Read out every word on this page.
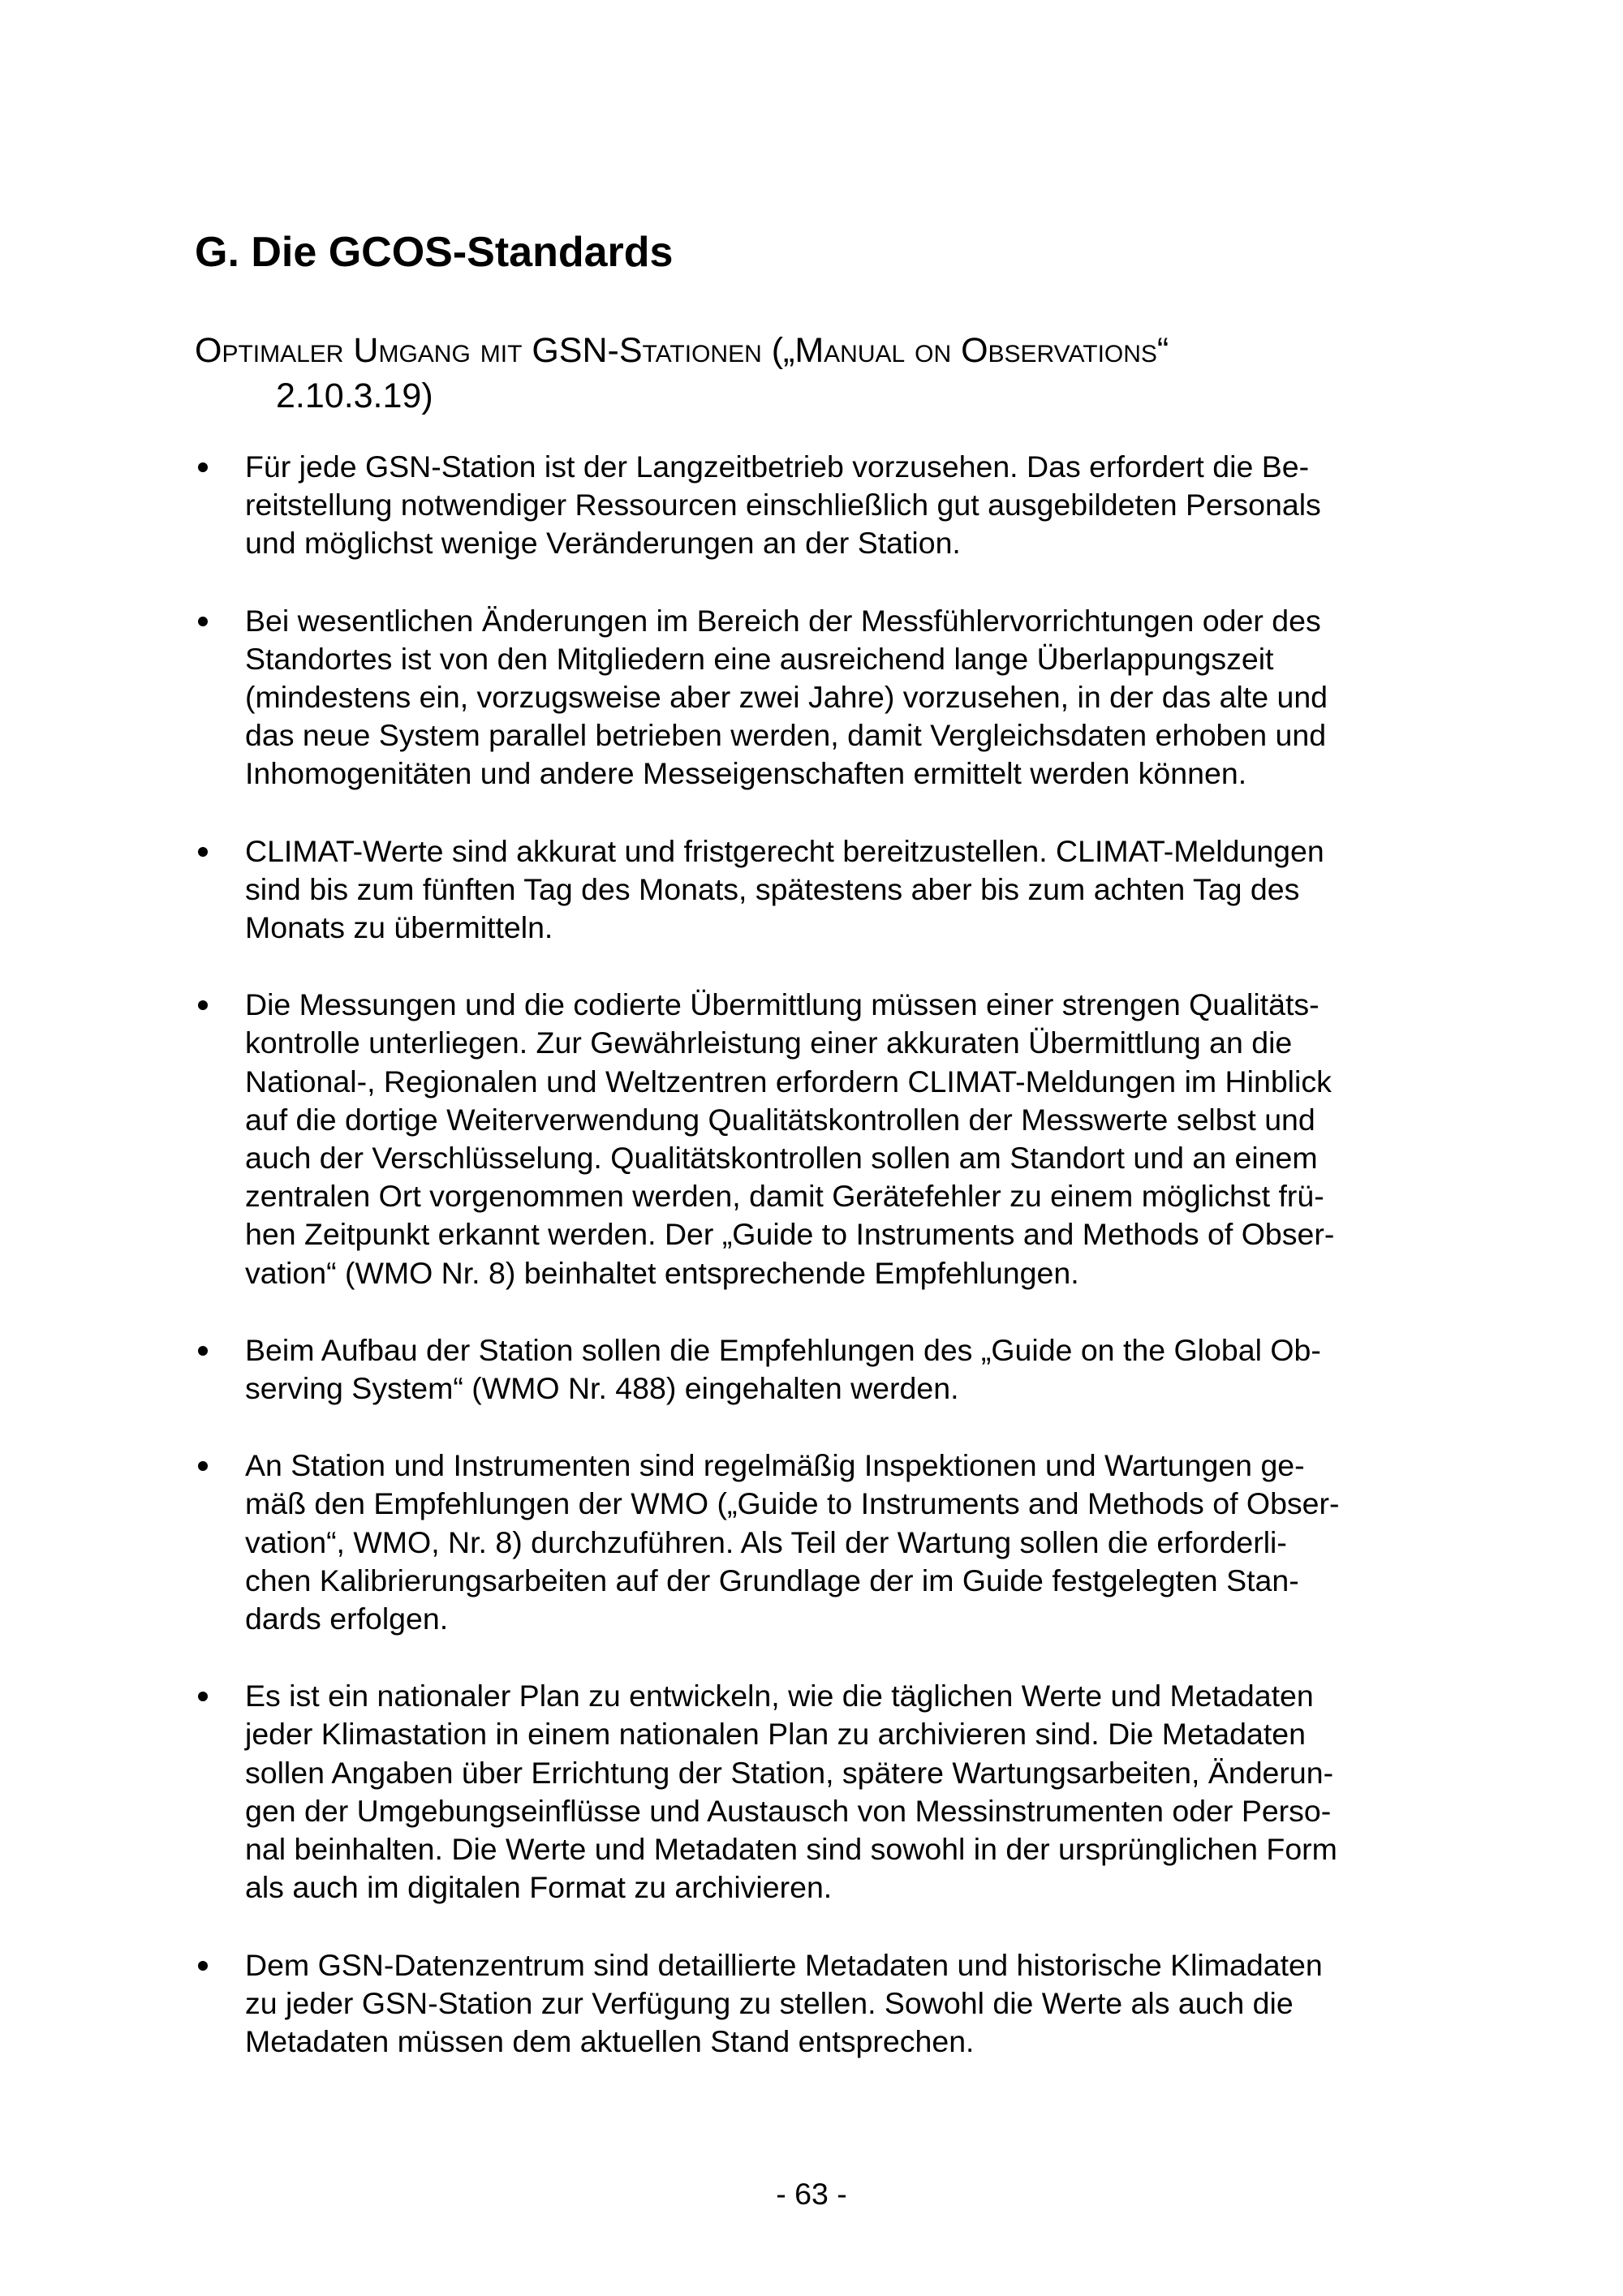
G. Die GCOS-Standards
Optimaler Umgang mit GSN-Stationen („Manual on Observations“
2.10.3.19)
Für jede GSN-Station ist der Langzeitbetrieb vorzusehen. Das erfordert die Be-
reitstellung notwendiger Ressourcen einschließlich gut ausgebildeten Personals
und möglichst wenige Veränderungen an der Station.
Bei wesentlichen Änderungen im Bereich der Messfühlervorrichtungen oder des
Standortes ist von den Mitgliedern eine ausreichend lange Überlappungszeit
(mindestens ein, vorzugsweise aber zwei Jahre) vorzusehen, in der das alte und
das neue System parallel betrieben werden, damit Vergleichsdaten erhoben und
Inhomogenitäten und andere Messeigenschaften ermittelt werden können.
CLIMAT-Werte sind akkurat und fristgerecht bereitzustellen. CLIMAT-Meldungen
sind bis zum fünften Tag des Monats, spätestens aber bis zum achten Tag des
Monats zu übermitteln.
Die Messungen und die codierte Übermittlung müssen einer strengen Qualitäts-
kontrolle unterliegen. Zur Gewährleistung einer akkuraten Übermittlung an die
National-, Regionalen und Weltzentren erfordern CLIMAT-Meldungen im Hinblick
auf die dortige Weiterverwendung Qualitätskontrollen der Messwerte selbst und
auch der Verschlüsselung. Qualitätskontrollen sollen am Standort und an einem
zentralen Ort vorgenommen werden, damit Gerätefehler zu einem möglichst frü-
hen Zeitpunkt erkannt werden. Der „Guide to Instruments and Methods of Obser-
vation“ (WMO Nr. 8) beinhaltet entsprechende Empfehlungen.
Beim Aufbau der Station sollen die Empfehlungen des „Guide on the Global Ob-
serving System“ (WMO Nr. 488) eingehalten werden.
An Station und Instrumenten sind regelmäßig Inspektionen und Wartungen ge-
mäß den Empfehlungen der WMO („Guide to Instruments and Methods of Obser-
vation“, WMO, Nr. 8) durchzuführen. Als Teil der Wartung sollen die erforderli-
chen Kalibrierungsarbeiten auf der Grundlage der im Guide festgelegten Stan-
dards erfolgen.
Es ist ein nationaler Plan zu entwickeln, wie die täglichen Werte und Metadaten
jeder Klimastation in einem nationalen Plan zu archivieren sind. Die Metadaten
sollen Angaben über Errichtung der Station, spätere Wartungsarbeiten, Änderun-
gen der Umgebungseinflüsse und Austausch von Messinstrumenten oder Perso-
nal beinhalten. Die Werte und Metadaten sind sowohl in der ursprünglichen Form
als auch im digitalen Format zu archivieren.
Dem GSN-Datenzentrum sind detaillierte Metadaten und historische Klimadaten
zu jeder GSN-Station zur Verfügung zu stellen. Sowohl die Werte als auch die
Metadaten müssen dem aktuellen Stand entsprechen.

- 63 -
